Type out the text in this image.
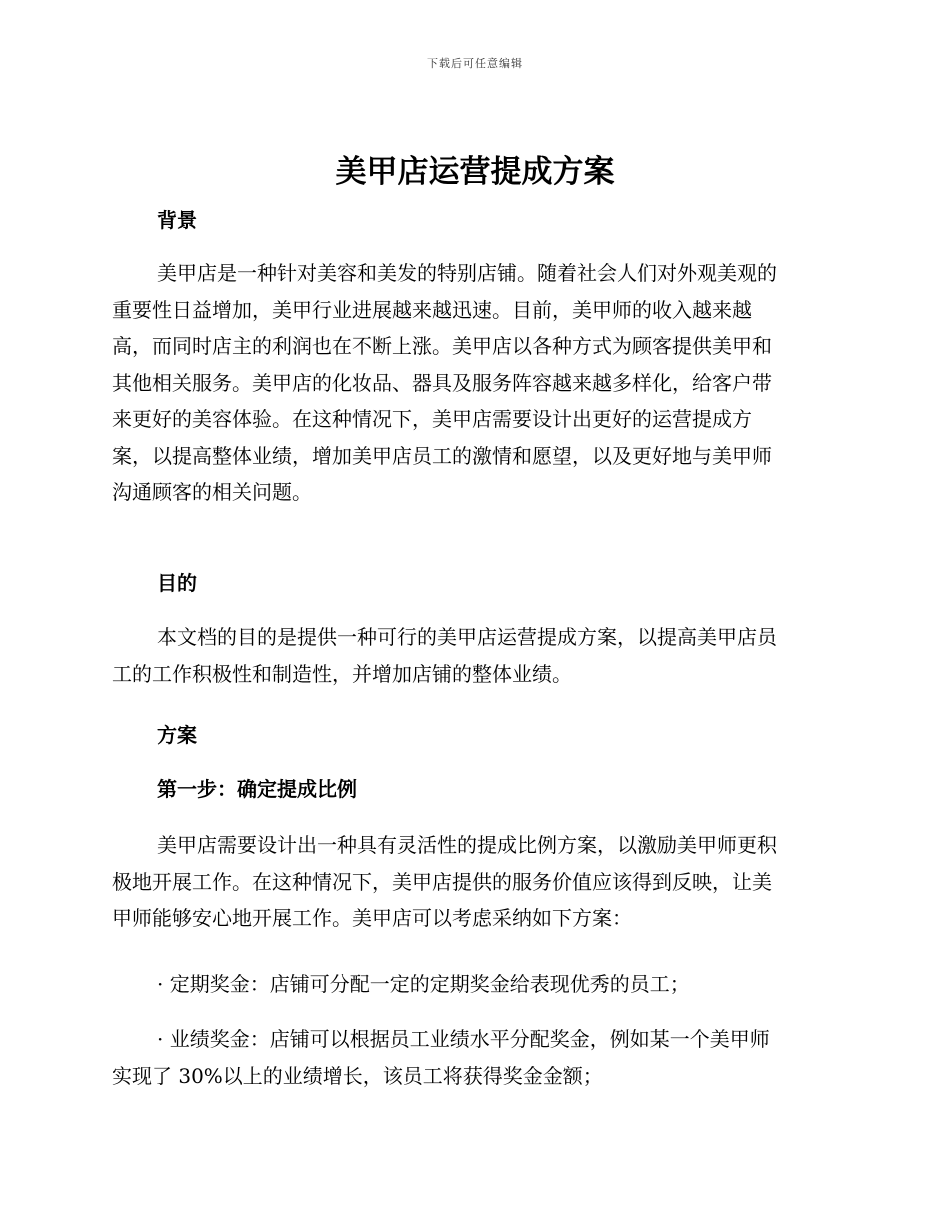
下载后可任意编辑
美甲店运营提成方案
背景
美甲店是一种针对美容和美发的特别店铺。随着社会人们对外观美观的
重要性日益增加，美甲行业进展越来越迅速。目前，美甲师的收入越来越
高，而同时店主的利润也在不断上涨。美甲店以各种方式为顾客提供美甲和
其他相关服务。美甲店的化妆品、器具及服务阵容越来越多样化，给客户带
来更好的美容体验。在这种情况下，美甲店需要设计出更好的运营提成方
案，以提高整体业绩，增加美甲店员工的激情和愿望，以及更好地与美甲师
沟通顾客的相关问题。
目的
本文档的目的是提供一种可行的美甲店运营提成方案，以提高美甲店员
工的工作积极性和制造性，并增加店铺的整体业绩。
方案
第一步：确定提成比例
美甲店需要设计出一种具有灵活性的提成比例方案，以激励美甲师更积
极地开展工作。在这种情况下，美甲店提供的服务价值应该得到反映，让美
甲师能够安心地开展工作。美甲店可以考虑采纳如下方案：
· 定期奖金：店铺可分配一定的定期奖金给表现优秀的员工；
· 业绩奖金：店铺可以根据员工业绩水平分配奖金，例如某一个美甲师
实现了 30%以上的业绩增长，该员工将获得奖金金额；
